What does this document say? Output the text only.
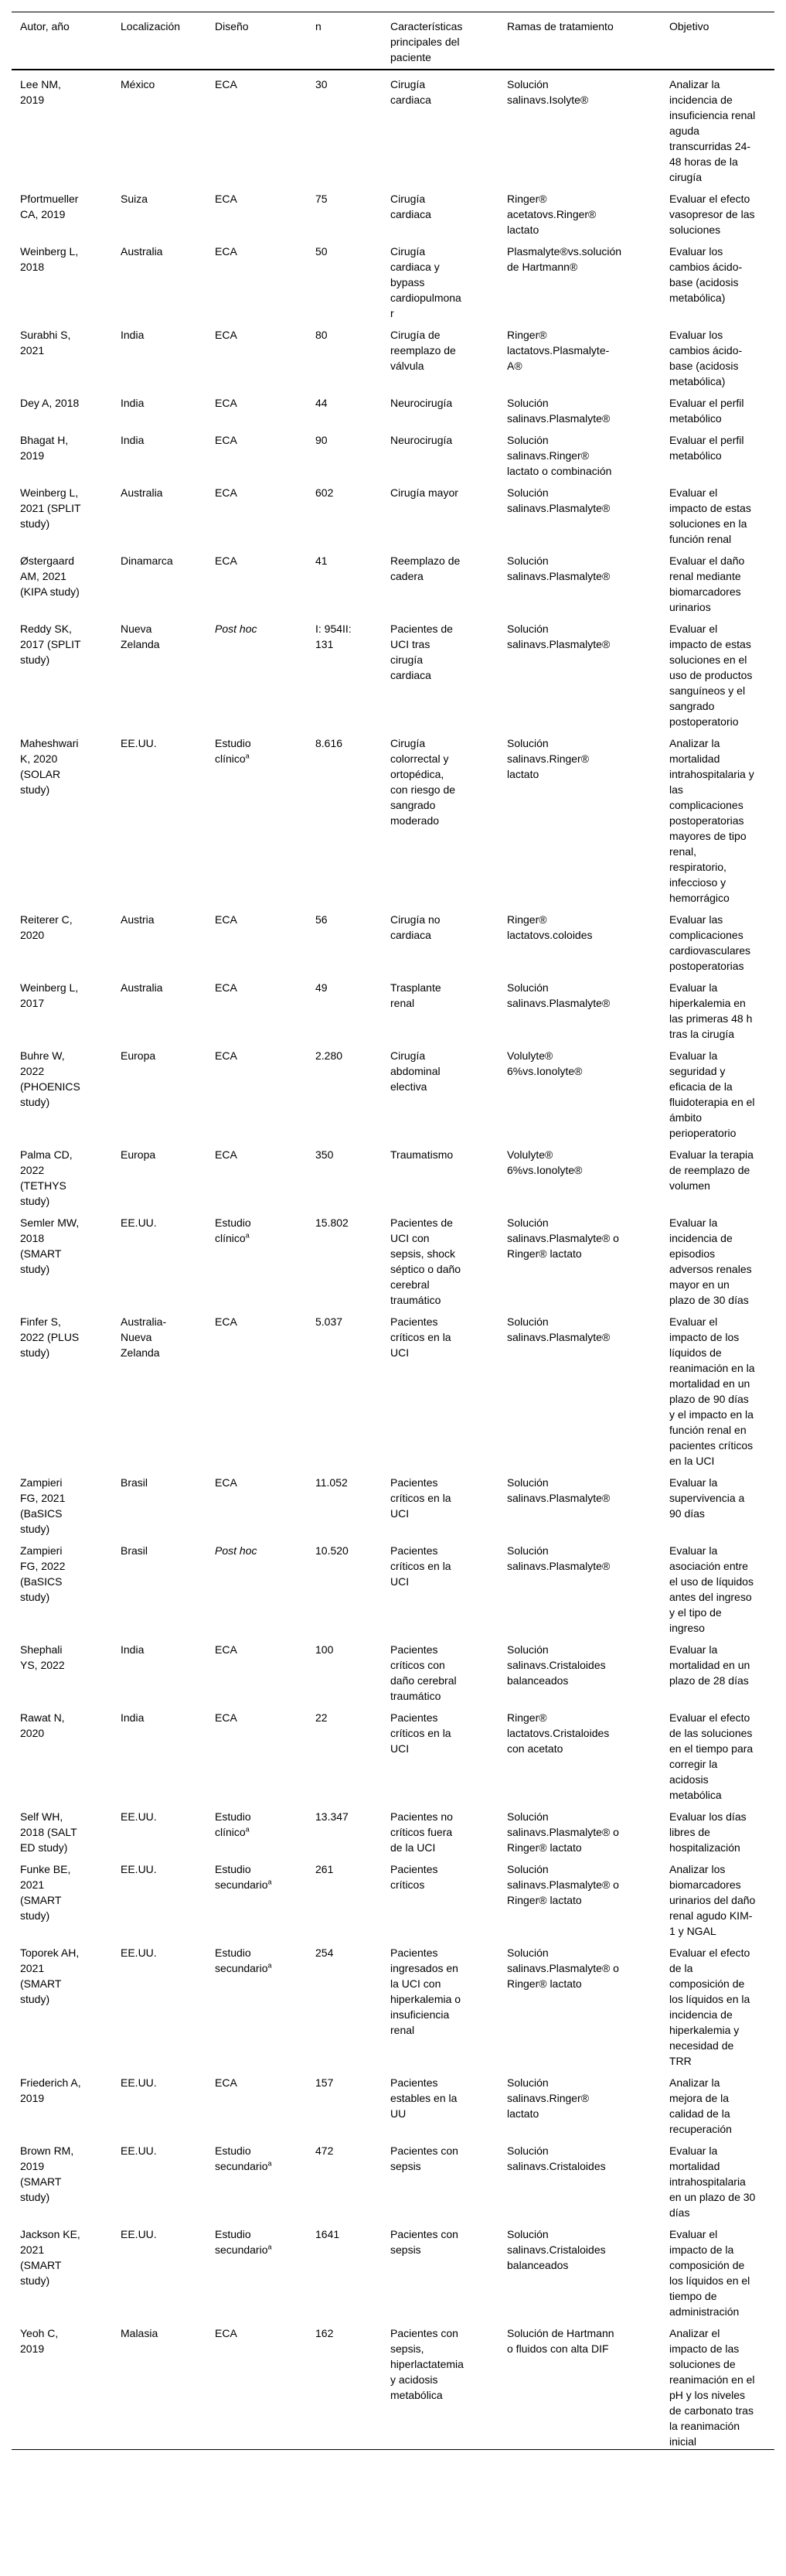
Autor, año	Localización	Diseño	n	Características principales del paciente	Ramas de tratamiento	Objetivo
Lee NM, 2019	México	ECA	30	Cirugía cardiaca	Solución salinavs.Isolyte®	Analizar la incidencia de insuficiencia renal aguda transcurridas 24-48 horas de la cirugía
Pfortmueller CA, 2019	Suiza	ECA	75	Cirugía cardiaca	Ringer® acetatovs.Ringer® lactato	Evaluar el efecto vasopresor de las soluciones
Weinberg L, 2018	Australia	ECA	50	Cirugía cardiaca y bypass cardiopulmonar	Plasmalyte®vs.solución de Hartmann®	Evaluar los cambios ácido-base (acidosis metabólica)
Surabhi S, 2021	India	ECA	80	Cirugía de reemplazo de válvula	Ringer® lactatovs.Plasmalyte-A®	Evaluar los cambios ácido-base (acidosis metabólica)
Dey A, 2018	India	ECA	44	Neurocirugía	Solución salinavs.Plasmalyte®	Evaluar el perfil metabólico
Bhagat H, 2019	India	ECA	90	Neurocirugía	Solución salinavs.Ringer® lactato o combinación	Evaluar el perfil metabólico
Weinberg L, 2021 (SPLIT study)	Australia	ECA	602	Cirugía mayor	Solución salinavs.Plasmalyte®	Evaluar el impacto de estas soluciones en la función renal
Østergaard AM, 2021 (KIPA study)	Dinamarca	ECA	41	Reemplazo de cadera	Solución salinavs.Plasmalyte®	Evaluar el daño renal mediante biomarcadores urinarios
Reddy SK, 2017 (SPLIT study)	Nueva Zelanda	Post hoc	I: 954II: 131	Pacientes de UCI tras cirugía cardiaca	Solución salinavs.Plasmalyte®	Evaluar el impacto de estas soluciones en el uso de productos sanguíneos y el sangrado postoperatorio
Maheshwari K, 2020 (SOLAR study)	EE.UU.	Estudio clínico$^a$	8.616	Cirugía colorrectal y ortopédica, con riesgo de sangrado moderado	Solución salinavs.Ringer® lactato	Analizar la mortalidad intrahospitalaria y las complicaciones postoperatorias mayores de tipo renal, respiratorio, infeccioso y hemorrágico
Reiterer C, 2020	Austria	ECA	56	Cirugía no cardiaca	Ringer® lactatovs.coloides	Evaluar las complicaciones cardiovasculares postoperatorias
Weinberg L, 2017	Australia	ECA	49	Trasplante renal	Solución salinavs.Plasmalyte®	Evaluar la hiperkalemia en las primeras 48 h tras la cirugía
Buhre W, 2022 (PHOENICS study)	Europa	ECA	2.280	Cirugía abdominal electiva	Volulyte® 6%vs.Ionolyte®	Evaluar la seguridad y eficacia de la fluidoterapia en el ámbito perioperatorio
Palma CD, 2022 (TETHYS study)	Europa	ECA	350	Traumatismo	Volulyte® 6%vs.Ionolyte®	Evaluar la terapia de reemplazo de volumen
Semler MW, 2018 (SMART study)	EE.UU.	Estudio clínico$^a$	15.802	Pacientes de UCI con sepsis, shock séptico o daño cerebral traumático	Solución salinavs.Plasmalyte® o Ringer® lactato	Evaluar la incidencia de episodios adversos renales mayor en un plazo de 30 días
Finfer S, 2022 (PLUS study)	Australia-Nueva Zelanda	ECA	5.037	Pacientes críticos en la UCI	Solución salinavs.Plasmalyte®	Evaluar el impacto de los líquidos de reanimación en la mortalidad en un plazo de 90 días y el impacto en la función renal en pacientes críticos en la UCI
Zampieri FG, 2021 (BaSICS study)	Brasil	ECA	11.052	Pacientes críticos en la UCI	Solución salinavs.Plasmalyte®	Evaluar la supervivencia a 90 días
Zampieri FG, 2022 (BaSICS study)	Brasil	Post hoc	10.520	Pacientes críticos en la UCI	Solución salinavs.Plasmalyte®	Evaluar la asociación entre el uso de líquidos antes del ingreso y el tipo de ingreso
Shephali YS, 2022	India	ECA	100	Pacientes críticos con daño cerebral traumático	Solución salinavs.Cristaloides balanceados	Evaluar la mortalidad en un plazo de 28 días
Rawat N, 2020	India	ECA	22	Pacientes críticos en la UCI	Ringer® lactatovs.Cristaloides con acetato	Evaluar el efecto de las soluciones en el tiempo para corregir la acidosis metabólica
Self WH, 2018 (SALT ED study)	EE.UU.	Estudio clínico$^a$	13.347	Pacientes no críticos fuera de la UCI	Solución salinavs.Plasmalyte® o Ringer® lactato	Evaluar los días libres de hospitalización
Funke BE, 2021 (SMART study)	EE.UU.	Estudio secundario$^a$	261	Pacientes críticos	Solución salinavs.Plasmalyte® o Ringer® lactato	Analizar los biomarcadores urinarios del daño renal agudo KIM-1 y NGAL
Toporek AH, 2021 (SMART study)	EE.UU.	Estudio secundario$^a$	254	Pacientes ingresados en la UCI con hiperkalemia o insuficiencia renal	Solución salinavs.Plasmalyte® o Ringer® lactato	Evaluar el efecto de la composición de los líquidos en la incidencia de hiperkalemia y necesidad de TRR
Friederich A, 2019	EE.UU.	ECA	157	Pacientes estables en la UU	Solución salinavs.Ringer® lactato	Analizar la mejora de la calidad de la recuperación
Brown RM, 2019 (SMART study)	EE.UU.	Estudio secundario$^a$	472	Pacientes con sepsis	Solución salinavs.Cristaloides	Evaluar la mortalidad intrahospitalaria en un plazo de 30 días
Jackson KE, 2021 (SMART study)	EE.UU.	Estudio secundario$^a$	1641	Pacientes con sepsis	Solución salinavs.Cristaloides balanceados	Evaluar el impacto de la composición de los líquidos en el tiempo de administración
Yeoh C, 2019	Malasia	ECA	162	Pacientes con sepsis, hiperlactatemia y acidosis metabólica	Solución de Hartmann o fluidos con alta DIF	Analizar el impacto de las soluciones de reanimación en el pH y los niveles de carbonato tras la reanimación inicial
